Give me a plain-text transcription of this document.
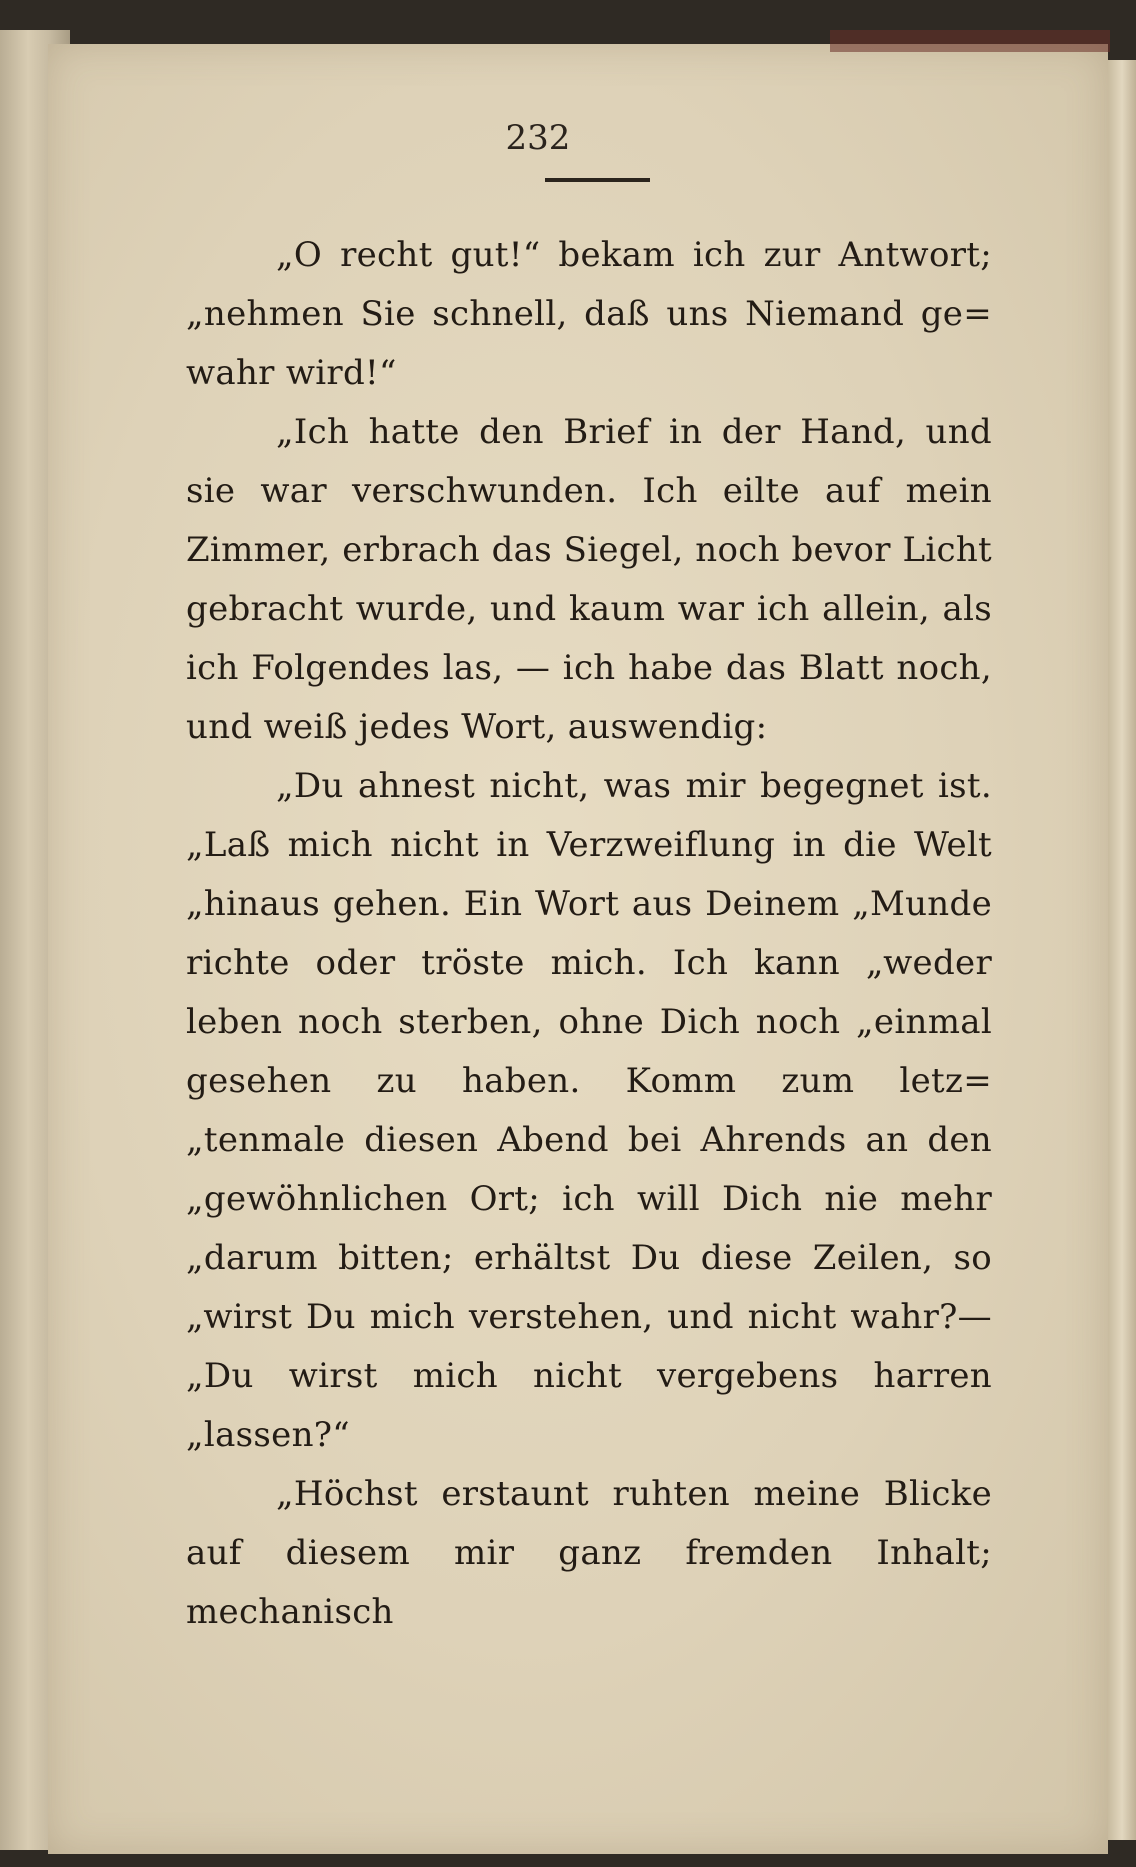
232

„O recht gut!“ bekam ich zur Antwort; „nehmen Sie schnell, daß uns Niemand ge= wahr wird!“

„Ich hatte den Brief in der Hand, und sie war verschwunden. Ich eilte auf mein Zimmer, erbrach das Siegel, noch bevor Licht gebracht wurde, und kaum war ich allein, als ich Folgendes las, — ich habe das Blatt noch, und weiß jedes Wort, auswendig:

„Du ahnest nicht, was mir begegnet ist. „Laß mich nicht in Verzweiflung in die Welt „hinaus gehen. Ein Wort aus Deinem „Munde richte oder tröste mich. Ich kann „weder leben noch sterben, ohne Dich noch „einmal gesehen zu haben. Komm zum letz= „tenmale diesen Abend bei Ahrends an den „gewöhnlichen Ort; ich will Dich nie mehr „darum bitten; erhältst Du diese Zeilen, so „wirst Du mich verstehen, und nicht wahr?— „Du wirst mich nicht vergebens harren „lassen?“

„Höchst erstaunt ruhten meine Blicke auf diesem mir ganz fremden Inhalt; mechanisch
